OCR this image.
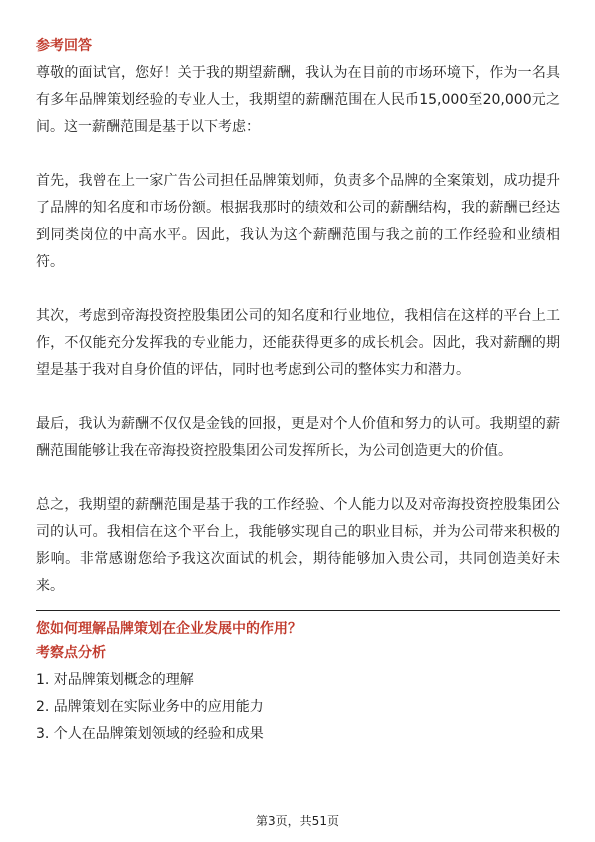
参考回答

尊敬的面试官，您好！关于我的期望薪酬，我认为在目前的市场环境下，作为一名具有多年品牌策划经验的专业人士，我期望的薪酬范围在人民币15,000至20,000元之间。这一薪酬范围是基于以下考虑：

首先，我曾在上一家广告公司担任品牌策划师，负责多个品牌的全案策划，成功提升了品牌的知名度和市场份额。根据我那时的绩效和公司的薪酬结构，我的薪酬已经达到同类岗位的中高水平。因此，我认为这个薪酬范围与我之前的工作经验和业绩相符。

其次，考虑到帝海投资控股集团公司的知名度和行业地位，我相信在这样的平台上工作，不仅能充分发挥我的专业能力，还能获得更多的成长机会。因此，我对薪酬的期望是基于我对自身价值的评估，同时也考虑到公司的整体实力和潜力。

最后，我认为薪酬不仅仅是金钱的回报，更是对个人价值和努力的认可。我期望的薪酬范围能够让我在帝海投资控股集团公司发挥所长，为公司创造更大的价值。

总之，我期望的薪酬范围是基于我的工作经验、个人能力以及对帝海投资控股集团公司的认可。我相信在这个平台上，我能够实现自己的职业目标，并为公司带来积极的影响。非常感谢您给予我这次面试的机会，期待能够加入贵公司，共同创造美好未来。

您如何理解品牌策划在企业发展中的作用？

考察点分析

1. 对品牌策划概念的理解
2. 品牌策划在实际业务中的应用能力
3. 个人在品牌策划领域的经验和成果
第3页，共51页
